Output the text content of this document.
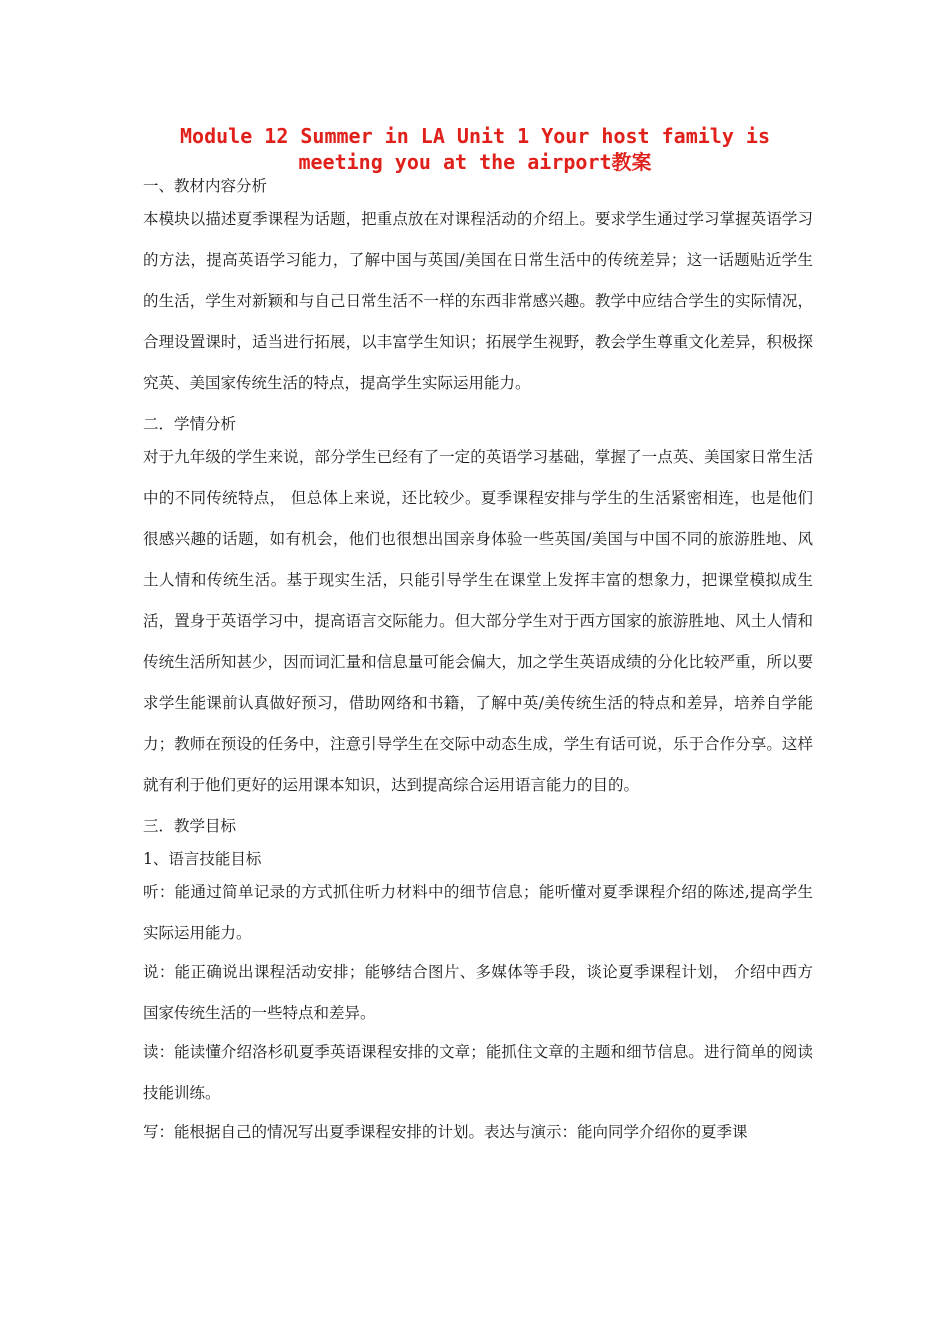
Module 12 Summer in LA Unit 1 Your host family is meeting you at the airport教案
一、教材内容分析
本模块以描述夏季课程为话题，把重点放在对课程活动的介绍上。要求学生通过学习掌握英语学习的方法，提高英语学习能力，了解中国与英国/美国在日常生活中的传统差异；这一话题贴近学生的生活，学生对新颖和与自己日常生活不一样的东西非常感兴趣。教学中应结合学生的实际情况，合理设置课时，适当进行拓展，以丰富学生知识；拓展学生视野，教会学生尊重文化差异，积极探究英、美国家传统生活的特点，提高学生实际运用能力。
二．学情分析
对于九年级的学生来说，部分学生已经有了一定的英语学习基础，掌握了一点英、美国家日常生活中的不同传统特点， 但总体上来说，还比较少。夏季课程安排与学生的生活紧密相连，也是他们很感兴趣的话题，如有机会，他们也很想出国亲身体验一些英国/美国与中国不同的旅游胜地、风土人情和传统生活。基于现实生活，只能引导学生在课堂上发挥丰富的想象力，把课堂模拟成生活，置身于英语学习中，提高语言交际能力。但大部分学生对于西方国家的旅游胜地、风土人情和传统生活所知甚少，因而词汇量和信息量可能会偏大，加之学生英语成绩的分化比较严重，所以要求学生能课前认真做好预习，借助网络和书籍，了解中英/美传统生活的特点和差异，培养自学能力；教师在预设的任务中，注意引导学生在交际中动态生成，学生有话可说，乐于合作分享。这样就有利于他们更好的运用课本知识，达到提高综合运用语言能力的目的。
三．教学目标
1、语言技能目标
听：能通过简单记录的方式抓住听力材料中的细节信息；能听懂对夏季课程介绍的陈述,提高学生实际运用能力。
说：能正确说出课程活动安排；能够结合图片、多媒体等手段，谈论夏季课程计划， 介绍中西方国家传统生活的一些特点和差异。
读：能读懂介绍洛杉矶夏季英语课程安排的文章；能抓住文章的主题和细节信息。进行简单的阅读技能训练。
写：能根据自己的情况写出夏季课程安排的计划。表达与演示：能向同学介绍你的夏季课
